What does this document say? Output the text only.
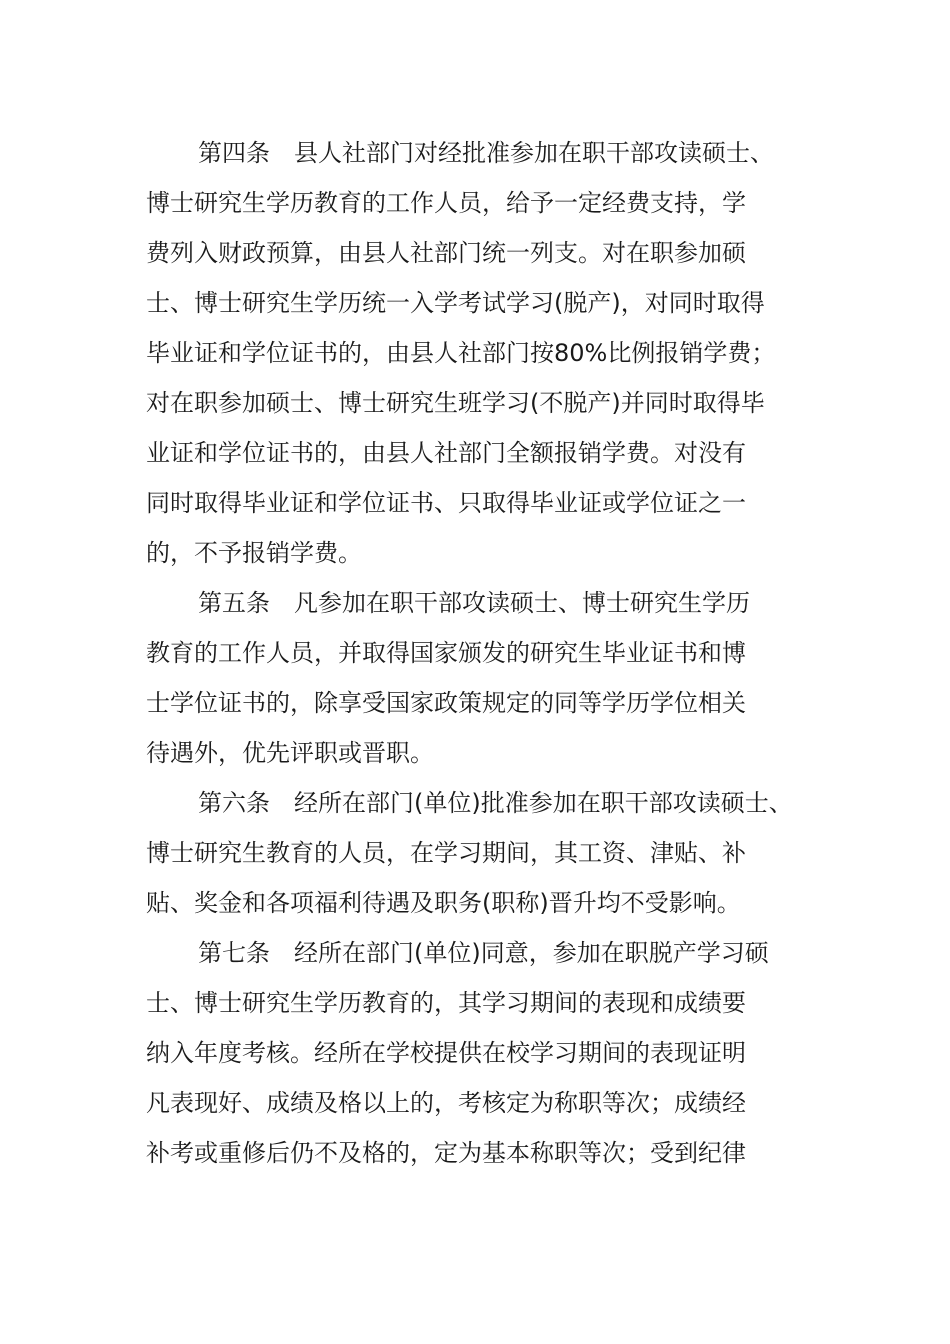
第四条　县人社部门对经批准参加在职干部攻读硕士、
博士研究生学历教育的工作人员，给予一定经费支持，学
费列入财政预算，由县人社部门统一列支。对在职参加硕
士、博士研究生学历统一入学考试学习(脱产)，对同时取得
毕业证和学位证书的，由县人社部门按80%比例报销学费；
对在职参加硕士、博士研究生班学习(不脱产)并同时取得毕
业证和学位证书的，由县人社部门全额报销学费。对没有
同时取得毕业证和学位证书、只取得毕业证或学位证之一
的，不予报销学费。
第五条　凡参加在职干部攻读硕士、博士研究生学历
教育的工作人员，并取得国家颁发的研究生毕业证书和博
士学位证书的，除享受国家政策规定的同等学历学位相关
待遇外，优先评职或晋职。
第六条　经所在部门(单位)批准参加在职干部攻读硕士、
博士研究生教育的人员，在学习期间，其工资、津贴、补
贴、奖金和各项福利待遇及职务(职称)晋升均不受影响。
第七条　经所在部门(单位)同意，参加在职脱产学习硕
士、博士研究生学历教育的，其学习期间的表现和成绩要
纳入年度考核。经所在学校提供在校学习期间的表现证明
凡表现好、成绩及格以上的，考核定为称职等次；成绩经
补考或重修后仍不及格的，定为基本称职等次；受到纪律
